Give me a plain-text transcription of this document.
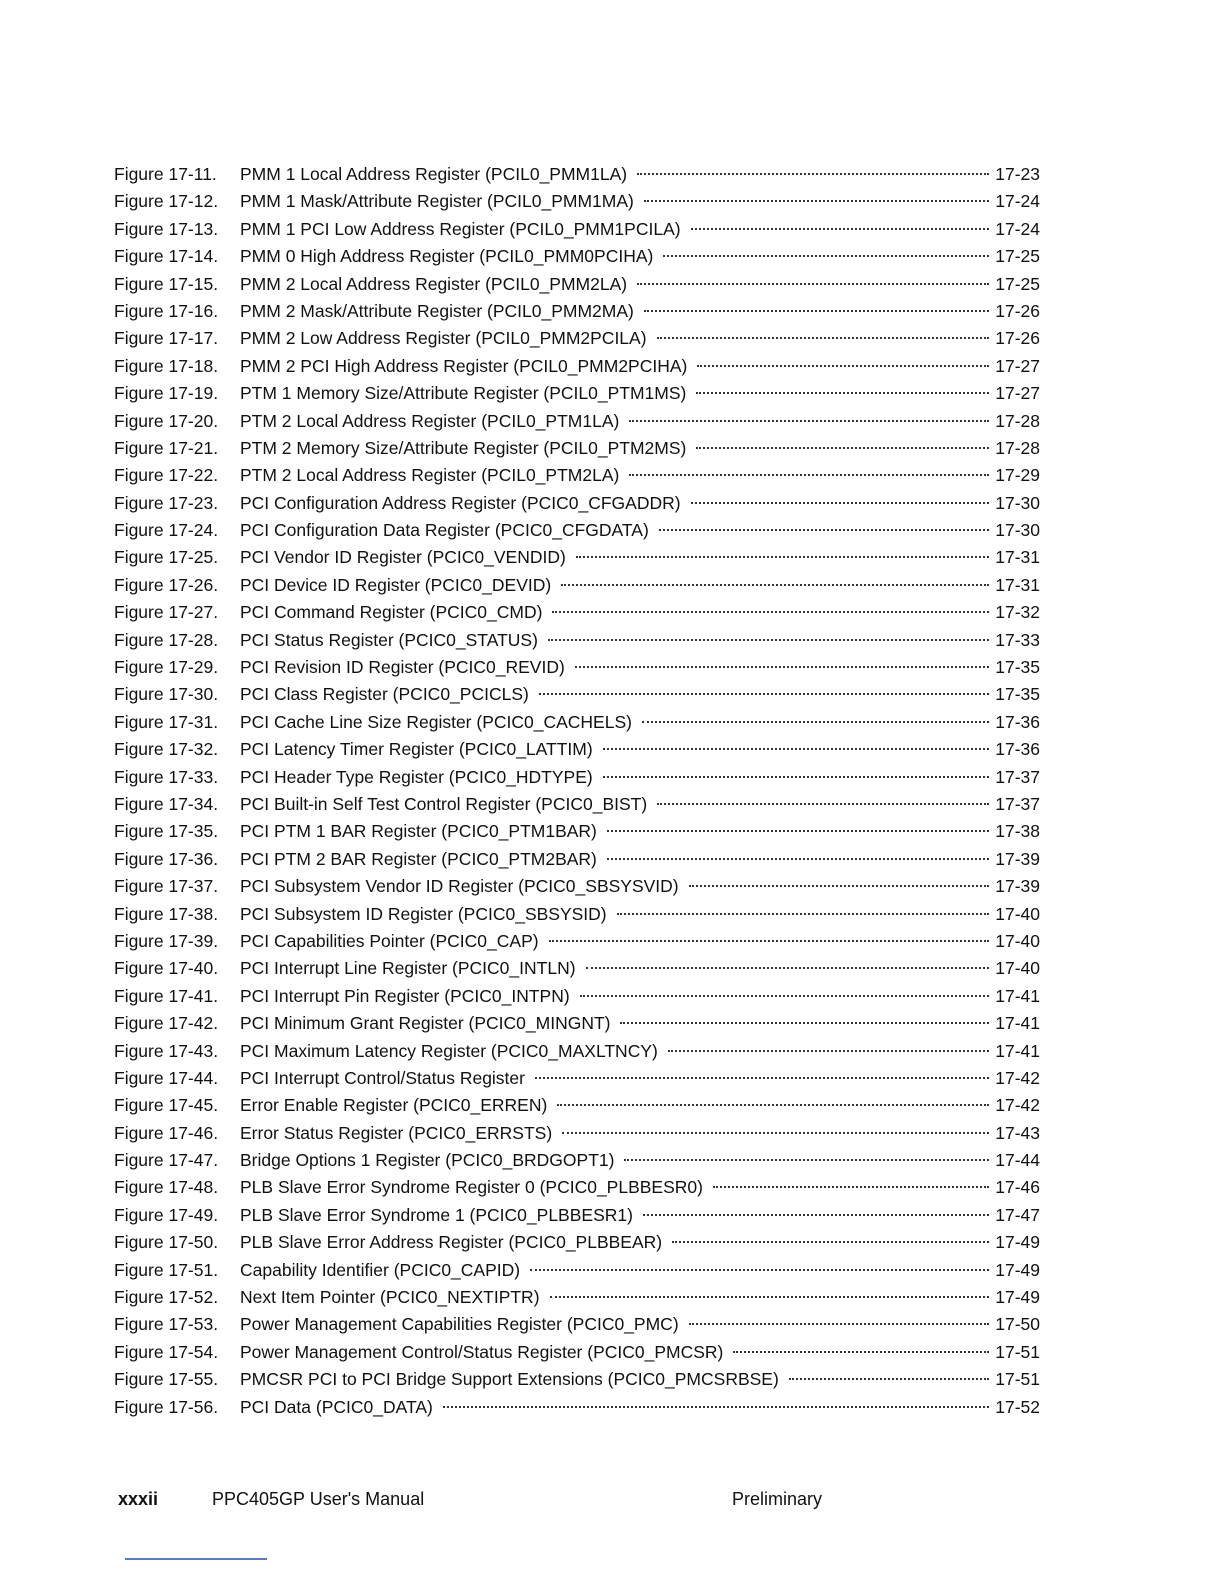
Figure 17-11.	PMM 1 Local Address Register (PCIL0_PMM1LA)	17-23
Figure 17-12.	PMM 1 Mask/Attribute Register (PCIL0_PMM1MA)	17-24
Figure 17-13.	PMM 1 PCI Low Address Register (PCIL0_PMM1PCILA)	17-24
Figure 17-14.	PMM 0 High Address Register (PCIL0_PMM0PCIHA)	17-25
Figure 17-15.	PMM 2 Local Address Register (PCIL0_PMM2LA)	17-25
Figure 17-16.	PMM 2 Mask/Attribute Register (PCIL0_PMM2MA)	17-26
Figure 17-17.	PMM 2 Low Address Register (PCIL0_PMM2PCILA)	17-26
Figure 17-18.	PMM 2 PCI High Address Register (PCIL0_PMM2PCIHA)	17-27
Figure 17-19.	PTM 1 Memory Size/Attribute Register (PCIL0_PTM1MS)	17-27
Figure 17-20.	PTM 2 Local Address Register (PCIL0_PTM1LA)	17-28
Figure 17-21.	PTM 2 Memory Size/Attribute Register (PCIL0_PTM2MS)	17-28
Figure 17-22.	PTM 2 Local Address Register (PCIL0_PTM2LA)	17-29
Figure 17-23.	PCI Configuration Address Register (PCIC0_CFGADDR)	17-30
Figure 17-24.	PCI Configuration Data Register (PCIC0_CFGDATA)	17-30
Figure 17-25.	PCI Vendor ID Register (PCIC0_VENDID)	17-31
Figure 17-26.	PCI Device ID Register (PCIC0_DEVID)	17-31
Figure 17-27.	PCI Command Register (PCIC0_CMD)	17-32
Figure 17-28.	PCI Status Register (PCIC0_STATUS)	17-33
Figure 17-29.	PCI Revision ID Register (PCIC0_REVID)	17-35
Figure 17-30.	PCI Class Register (PCIC0_PCICLS)	17-35
Figure 17-31.	PCI Cache Line Size Register (PCIC0_CACHELS)	17-36
Figure 17-32.	PCI Latency Timer Register (PCIC0_LATTIM)	17-36
Figure 17-33.	PCI Header Type Register (PCIC0_HDTYPE)	17-37
Figure 17-34.	PCI Built-in Self Test Control Register (PCIC0_BIST)	17-37
Figure 17-35.	PCI PTM 1 BAR Register (PCIC0_PTM1BAR)	17-38
Figure 17-36.	PCI PTM 2 BAR Register (PCIC0_PTM2BAR)	17-39
Figure 17-37.	PCI Subsystem Vendor ID Register (PCIC0_SBSYSVID)	17-39
Figure 17-38.	PCI Subsystem ID Register (PCIC0_SBSYSID)	17-40
Figure 17-39.	PCI Capabilities Pointer (PCIC0_CAP)	17-40
Figure 17-40.	PCI Interrupt Line Register (PCIC0_INTLN)	17-40
Figure 17-41.	PCI Interrupt Pin Register (PCIC0_INTPN)	17-41
Figure 17-42.	PCI Minimum Grant Register (PCIC0_MINGNT)	17-41
Figure 17-43.	PCI Maximum Latency Register (PCIC0_MAXLTNCY)	17-41
Figure 17-44.	PCI Interrupt Control/Status Register	17-42
Figure 17-45.	Error Enable Register (PCIC0_ERREN)	17-42
Figure 17-46.	Error Status Register (PCIC0_ERRSTS)	17-43
Figure 17-47.	Bridge Options 1 Register (PCIC0_BRDGOPT1)	17-44
Figure 17-48.	PLB Slave Error Syndrome Register 0 (PCIC0_PLBBESR0)	17-46
Figure 17-49.	PLB Slave Error Syndrome 1 (PCIC0_PLBBESR1)	17-47
Figure 17-50.	PLB Slave Error Address Register (PCIC0_PLBBEAR)	17-49
Figure 17-51.	Capability Identifier (PCIC0_CAPID)	17-49
Figure 17-52.	Next Item Pointer (PCIC0_NEXTIPTR)	17-49
Figure 17-53.	Power Management Capabilities Register (PCIC0_PMC)	17-50
Figure 17-54.	Power Management Control/Status Register (PCIC0_PMCSR)	17-51
Figure 17-55.	PMCSR PCI to PCI Bridge Support Extensions (PCIC0_PMCSRBSE)	17-51
Figure 17-56.	PCI Data (PCIC0_DATA)	17-52
xxxii	PPC405GP User's Manual	Preliminary
